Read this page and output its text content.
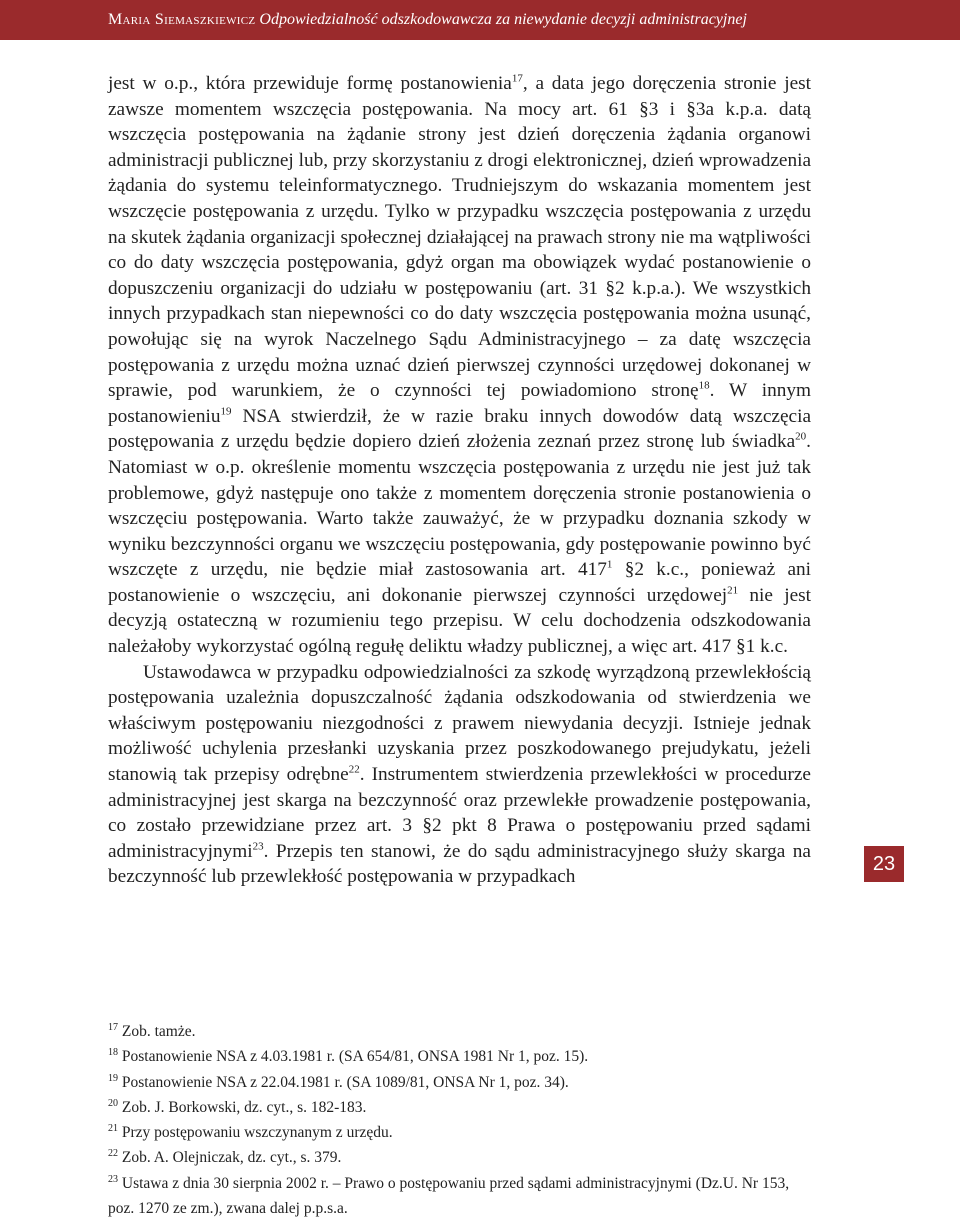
Maria Siemaszkiewicz Odpowiedzialność odszkodowawcza za niewydanie decyzji administracyjnej

jest w o.p., która przewiduje formę postanowienia$^{17}$, a data jego doręczenia stronie jest zawsze momentem wszczęcia postępowania. Na mocy art. 61 §3 i §3a k.p.a. datą wszczęcia postępowania na żądanie strony jest dzień doręczenia żądania organowi administracji publicznej lub, przy skorzystaniu z drogi elektronicznej, dzień wprowadzenia żądania do systemu teleinformatycznego. Trudniejszym do wskazania momentem jest wszczęcie postępowania z urzędu. Tylko w przypadku wszczęcia postępowania z urzędu na skutek żądania organizacji społecznej działającej na prawach strony nie ma wątpliwości co do daty wszczęcia postępowania, gdyż organ ma obowiązek wydać postanowienie o dopuszczeniu organizacji do udziału w postępowaniu (art. 31 §2 k.p.a.). We wszystkich innych przypadkach stan niepewności co do daty wszczęcia postępowania można usunąć, powołując się na wyrok Naczelnego Sądu Administracyjnego – za datę wszczęcia postępowania z urzędu można uznać dzień pierwszej czynności urzędowej dokonanej w sprawie, pod warunkiem, że o czynności tej powiadomiono stronę$^{18}$. W innym postanowieniu$^{19}$ NSA stwierdził, że w razie braku innych dowodów datą wszczęcia postępowania z urzędu będzie dopiero dzień złożenia zeznań przez stronę lub świadka$^{20}$. Natomiast w o.p. określenie momentu wszczęcia postępowania z urzędu nie jest już tak problemowe, gdyż następuje ono także z momentem doręczenia stronie postanowienia o wszczęciu postępowania. Warto także zauważyć, że w przypadku doznania szkody w wyniku bezczynności organu we wszczęciu postępowania, gdy postępowanie powinno być wszczęte z urzędu, nie będzie miał zastosowania art. $417^1$ §2 k.c., ponieważ ani postanowienie o wszczęciu, ani dokonanie pierwszej czynności urzędowej$^{21}$ nie jest decyzją ostateczną w rozumieniu tego przepisu. W celu dochodzenia odszkodowania należałoby wykorzystać ogólną regułę deliktu władzy publicznej, a więc art. 417 §1 k.c.

Ustawodawca w przypadku odpowiedzialności za szkodę wyrządzoną przewlekłością postępowania uzależnia dopuszczalność żądania odszkodowania od stwierdzenia we właściwym postępowaniu niezgodności z prawem niewydania decyzji. Istnieje jednak możliwość uchylenia przesłanki uzyskania przez poszkodowanego prejudykatu, jeżeli stanowią tak przepisy odrębne$^{22}$. Instrumentem stwierdzenia przewlekłości w procedurze administracyjnej jest skarga na bezczynność oraz przewlekłe prowadzenie postępowania, co zostało przewidziane przez art. 3 §2 pkt 8 Prawa o postępowaniu przed sądami administracyjnymi$^{23}$. Przepis ten stanowi, że do sądu administracyjnego służy skarga na bezczynność lub przewlekłość postępowania w przypadkach

23

$^{17}$ Zob. tamże.

$^{18}$ Postanowienie NSA z 4.03.1981 r. (SA 654/81, ONSA 1981 Nr 1, poz. 15).

$^{19}$ Postanowienie NSA z 22.04.1981 r. (SA 1089/81, ONSA Nr 1, poz. 34).

$^{20}$ Zob. J. Borkowski, dz. cyt., s. 182-183.

$^{21}$ Przy postępowaniu wszczynanym z urzędu.

$^{22}$ Zob. A. Olejniczak, dz. cyt., s. 379.

$^{23}$ Ustawa z dnia 30 sierpnia 2002 r. – Prawo o postępowaniu przed sądami administracyjnymi (Dz.U. Nr 153, poz. 1270 ze zm.), zwana dalej p.p.s.a.
